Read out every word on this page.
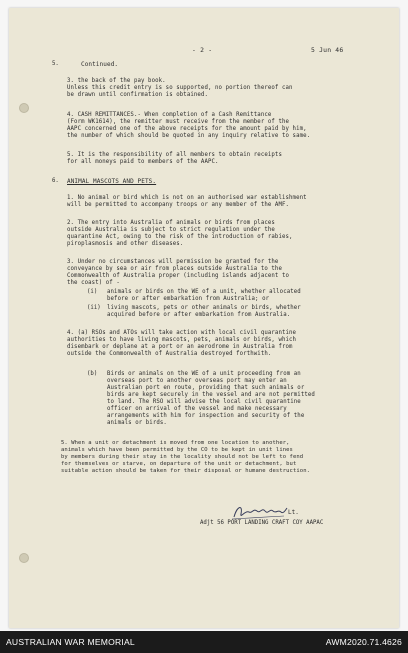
- 2 -	5 Jun 46
5.	Continued.
3. the back of the pay book.
Unless this credit entry is so supported, no portion thereof can
be drawn until confirmation is obtained.
4. CASH REMITTANCES.- When completion of a Cash Remittance
(Form WK1614), the remitter must receive from the member of the
AAPC concerned one of the above receipts for the amount paid by him,
the number of which should be quoted in any inquiry relative to same.
5. It is the responsibility of all members to obtain receipts
for all moneys paid to members of the AAPC.
6. ANIMAL MASCOTS AND PETS.
1. No animal or bird which is not on an authorised war establishment
will be permitted to accompany troops or any member of the AMF.
2. The entry into Australia of animals or birds from places
outside Australia is subject to strict regulation under the
quarantine Act, owing to the risk of the introduction of rabies,
piroplasmosis and other diseases.
3. Under no circumstances will permission be granted for the
conveyance by sea or air from places outside Australia to the
Commonwealth of Australia proper (including islands adjacent to
the coast) of -
(i) animals or birds on the WE of a unit, whether allocated
before or after embarkation from Australia; or
(ii) living mascots, pets or other animals or birds, whether
acquired before or after embarkation from Australia.
4. (a) RSOs and ATOs will take action with local civil quarantine
authorities to have living mascots, pets, animals or birds, which
disembark or deplane at a port or an aerodrome in Australia from
outside the Commonwealth of Australia destroyed forthwith.
(b) Birds or animals on the WE of a unit proceeding from an
overseas port to another overseas port may enter an
Australian port en route, providing that such animals or
birds are kept securely in the vessel and are not permitted
to land. The RSO will advise the local civil quarantine
officer on arrival of the vessel and make necessary
arrangements with him for inspection and security of the
animals or birds.
5. When a unit or detachment is moved from one location to another,
animals which have been permitted by the CO to be kept in unit lines
by members during their stay in the locality should not be left to fend
for themselves or starve, on departure of the unit or detachment, but
suitable action should be taken for their disposal or humane destruction.
Lt.
Adjt 56 PORT LANDING CRAFT COY AAPAC
AUSTRALIAN WAR MEMORIAL	AWM2020.71.4626
